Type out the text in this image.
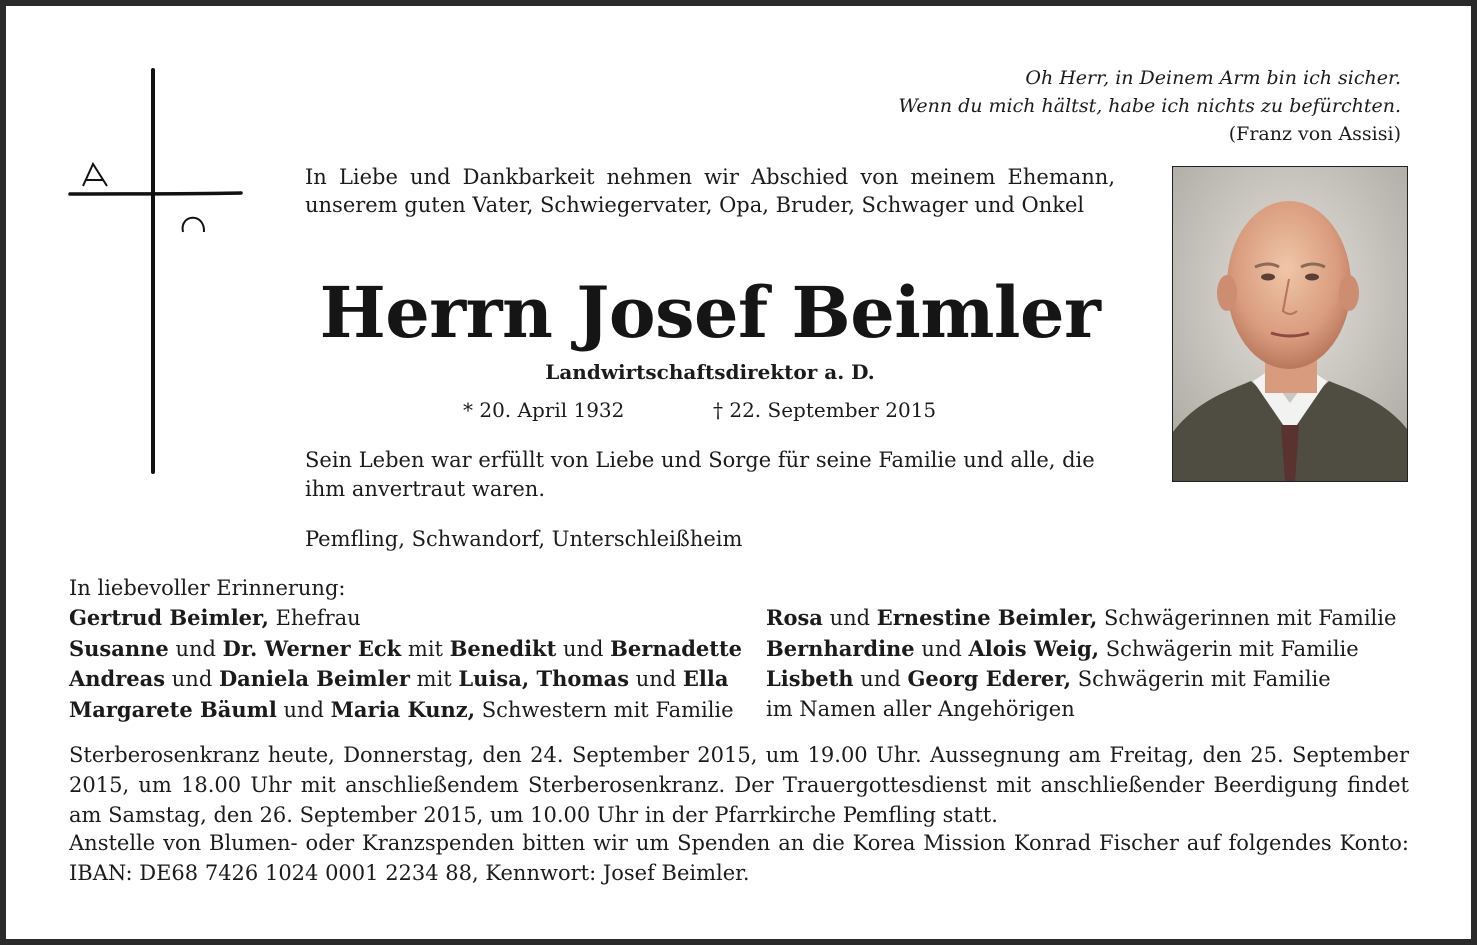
Oh Herr, in Deinem Arm bin ich sicher.
Wenn du mich hältst, habe ich nichts zu befürchten.
(Franz von Assisi)
In Liebe und Dankbarkeit nehmen wir Abschied von meinem Ehemann, unserem guten Vater, Schwiegervater, Opa, Bruder, Schwager und Onkel
Herrn Josef Beimler
Landwirtschaftsdirektor a. D.
* 20. April 1932	† 22. September 2015
Sein Leben war erfüllt von Liebe und Sorge für seine Familie und alle, die ihm anvertraut waren.
Pemfling, Schwandorf, Unterschleißheim
In liebevoller Erinnerung:
Gertrud Beimler, Ehefrau
Susanne und Dr. Werner Eck mit Benedikt und Bernadette
Andreas und Daniela Beimler mit Luisa, Thomas und Ella
Margarete Bäuml und Maria Kunz, Schwestern mit Familie
Rosa und Ernestine Beimler, Schwägerinnen mit Familie
Bernhardine und Alois Weig, Schwägerin mit Familie
Lisbeth und Georg Ederer, Schwägerin mit Familie
im Namen aller Angehörigen
Sterberosenkranz heute, Donnerstag, den 24. September 2015, um 19.00 Uhr. Aussegnung am Freitag, den 25. September 2015, um 18.00 Uhr mit anschließendem Sterberosenkranz. Der Trauergottesdienst mit anschließender Beerdigung findet am Samstag, den 26. September 2015, um 10.00 Uhr in der Pfarrkirche Pemfling statt.
Anstelle von Blumen- oder Kranzspenden bitten wir um Spenden an die Korea Mission Konrad Fischer auf folgendes Konto: IBAN: DE68 7426 1024 0001 2234 88, Kennwort: Josef Beimler.
